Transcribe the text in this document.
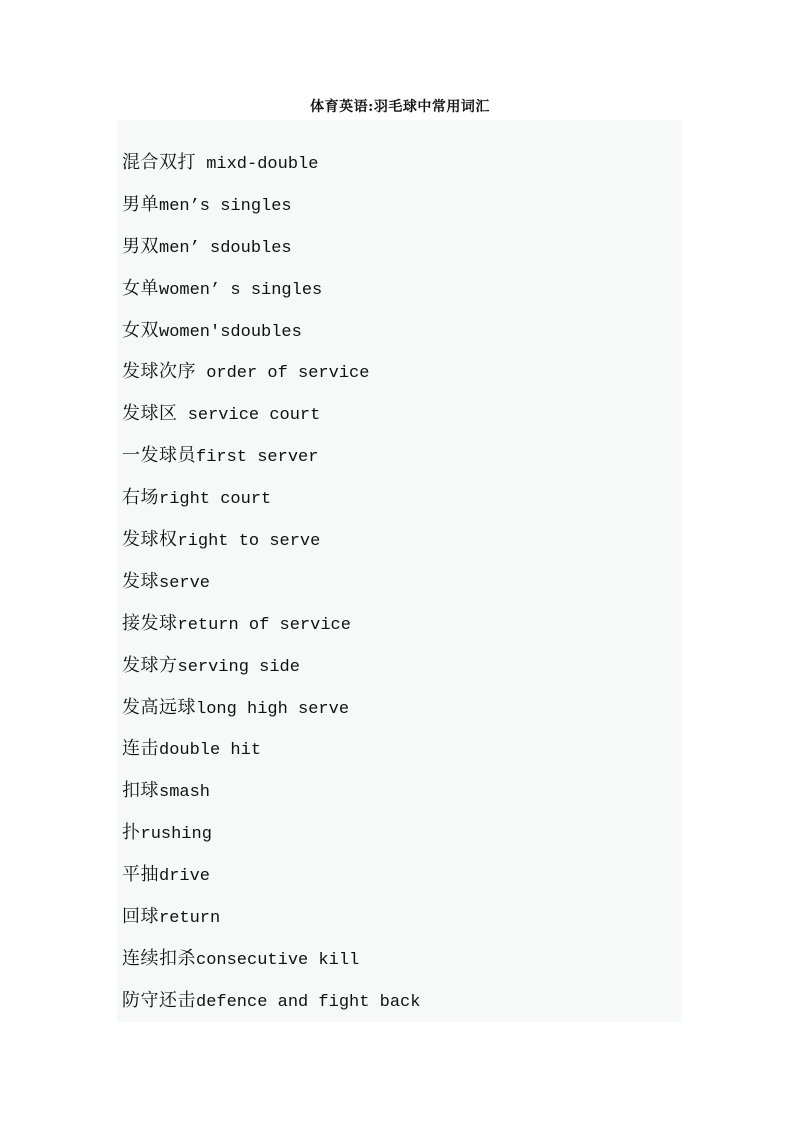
体育英语:羽毛球中常用词汇
混合双打 mixd-double
男单men’s singles
男双men’ sdoubles
女单women’ s singles
女双women'sdoubles
发球次序 order of service
发球区 service court
一发球员first server
右场right court
发球权right to serve
发球serve
接发球return of service
发球方serving side
发高远球long high serve
连击double hit
扣球smash
扑rushing
平抽drive
回球return
连续扣杀consecutive kill
防守还击defence and fight back
